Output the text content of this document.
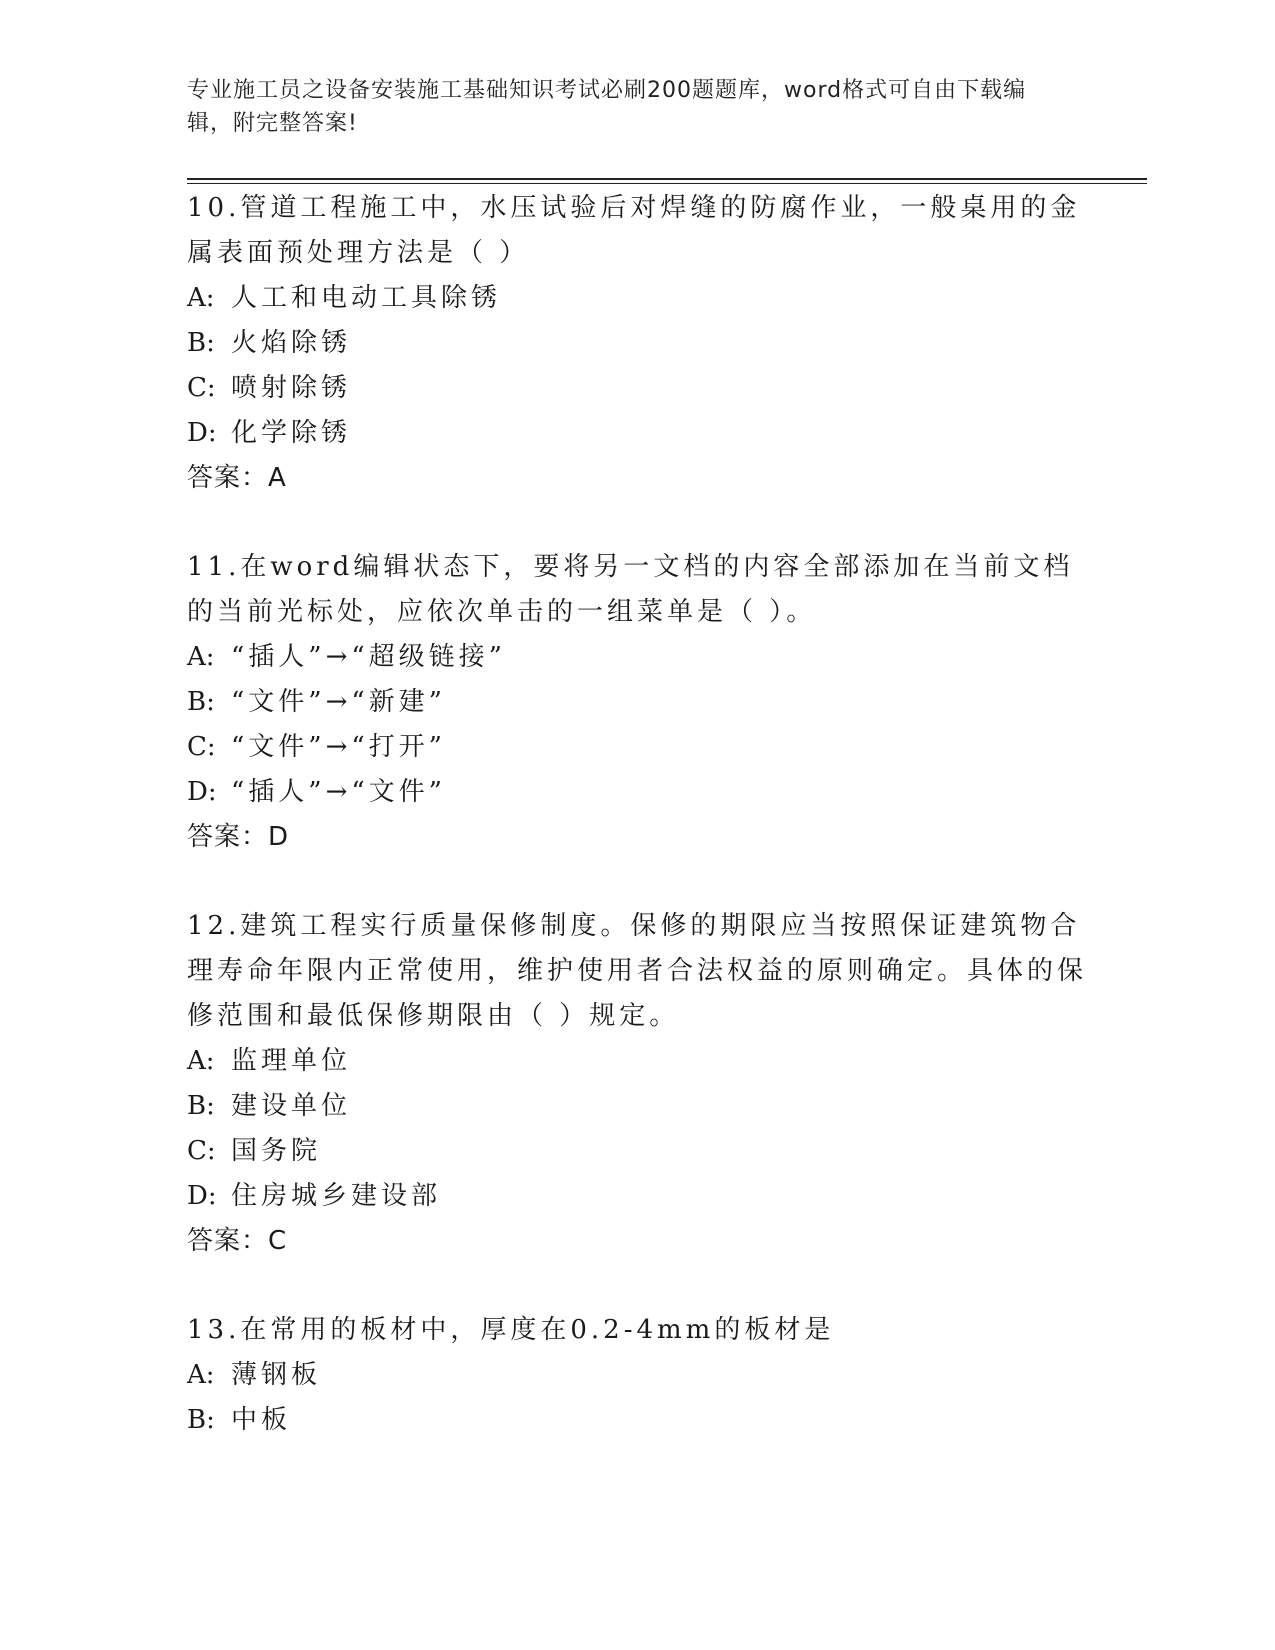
专业施工员之设备安装施工基础知识考试必刷200题题库，word格式可自由下载编辑，附完整答案!

10.管道工程施工中，水压试验后对焊缝的防腐作业，一般桌用的金属表面预处理方法是（ ）

A: 人工和电动工具除锈

B: 火焰除锈

C: 喷射除锈

D: 化学除锈

答案：A

11.在word编辑状态下，要将另一文档的内容全部添加在当前文档的当前光标处，应依次单击的一组菜单是（ ）。

A: “插人”→“超级链接”

B: “文件”→“新建”

C: “文件”→“打开”

D: “插人”→“文件”

答案：D

12.建筑工程实行质量保修制度。保修的期限应当按照保证建筑物合理寿命年限内正常使用，维护使用者合法权益的原则确定。具体的保修范围和最低保修期限由（ ）规定。

A: 监理单位

B: 建设单位

C: 国务院

D: 住房城乡建设部

答案：C

13.在常用的板材中，厚度在0.2-4mm的板材是

A: 薄钢板

B: 中板
